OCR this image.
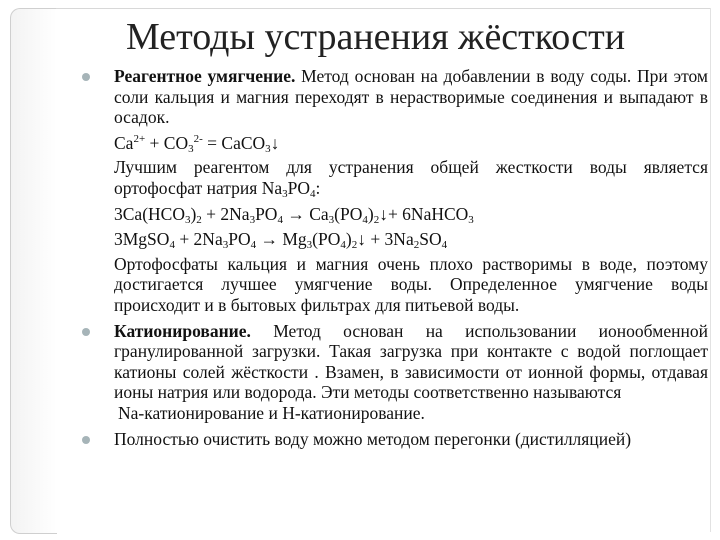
Методы устранения жёсткости

Реагентное умягчение. Метод основан на добавлении в воду соды. При этом соли кальция и магния переходят в нерастворимые соединения и выпадают в осадок.

$Ca^{2+} + CO_3^{2-}$ = CaCO$_3$↓

Лучшим реагентом для устранения общей жесткости воды является ортофосфат натрия $Na_3PO_4$:

$3Ca(HCO_3)_2 + 2Na_3PO_4$ → $Ca_3(PO_4)_2↓+$ 6NaHCO$_3$
3MgSO$_4$ + $2Na_3PO_4$ → $Mg_3(PO_4)_2↓ + 3Na_2SO_4$

Ортофосфаты кальция и магния очень плохо растворимы в воде, поэтому достигается лучшее умягчение воды. Определенное умягчение воды происходит и в бытовых фильтрах для питьевой воды.

Катионирование. Метод основан на использовании ионообменной гранулированной загрузки. Такая загрузка при контакте с водой поглощает катионы солей жёсткости . Взамен, в зависимости от ионной формы, отдавая ионы натрия или водорода. Эти методы соответственно называются

Na-катионирование и Н-катионирование.

Полностью очистить воду можно методом перегонки (дистилляцией)
